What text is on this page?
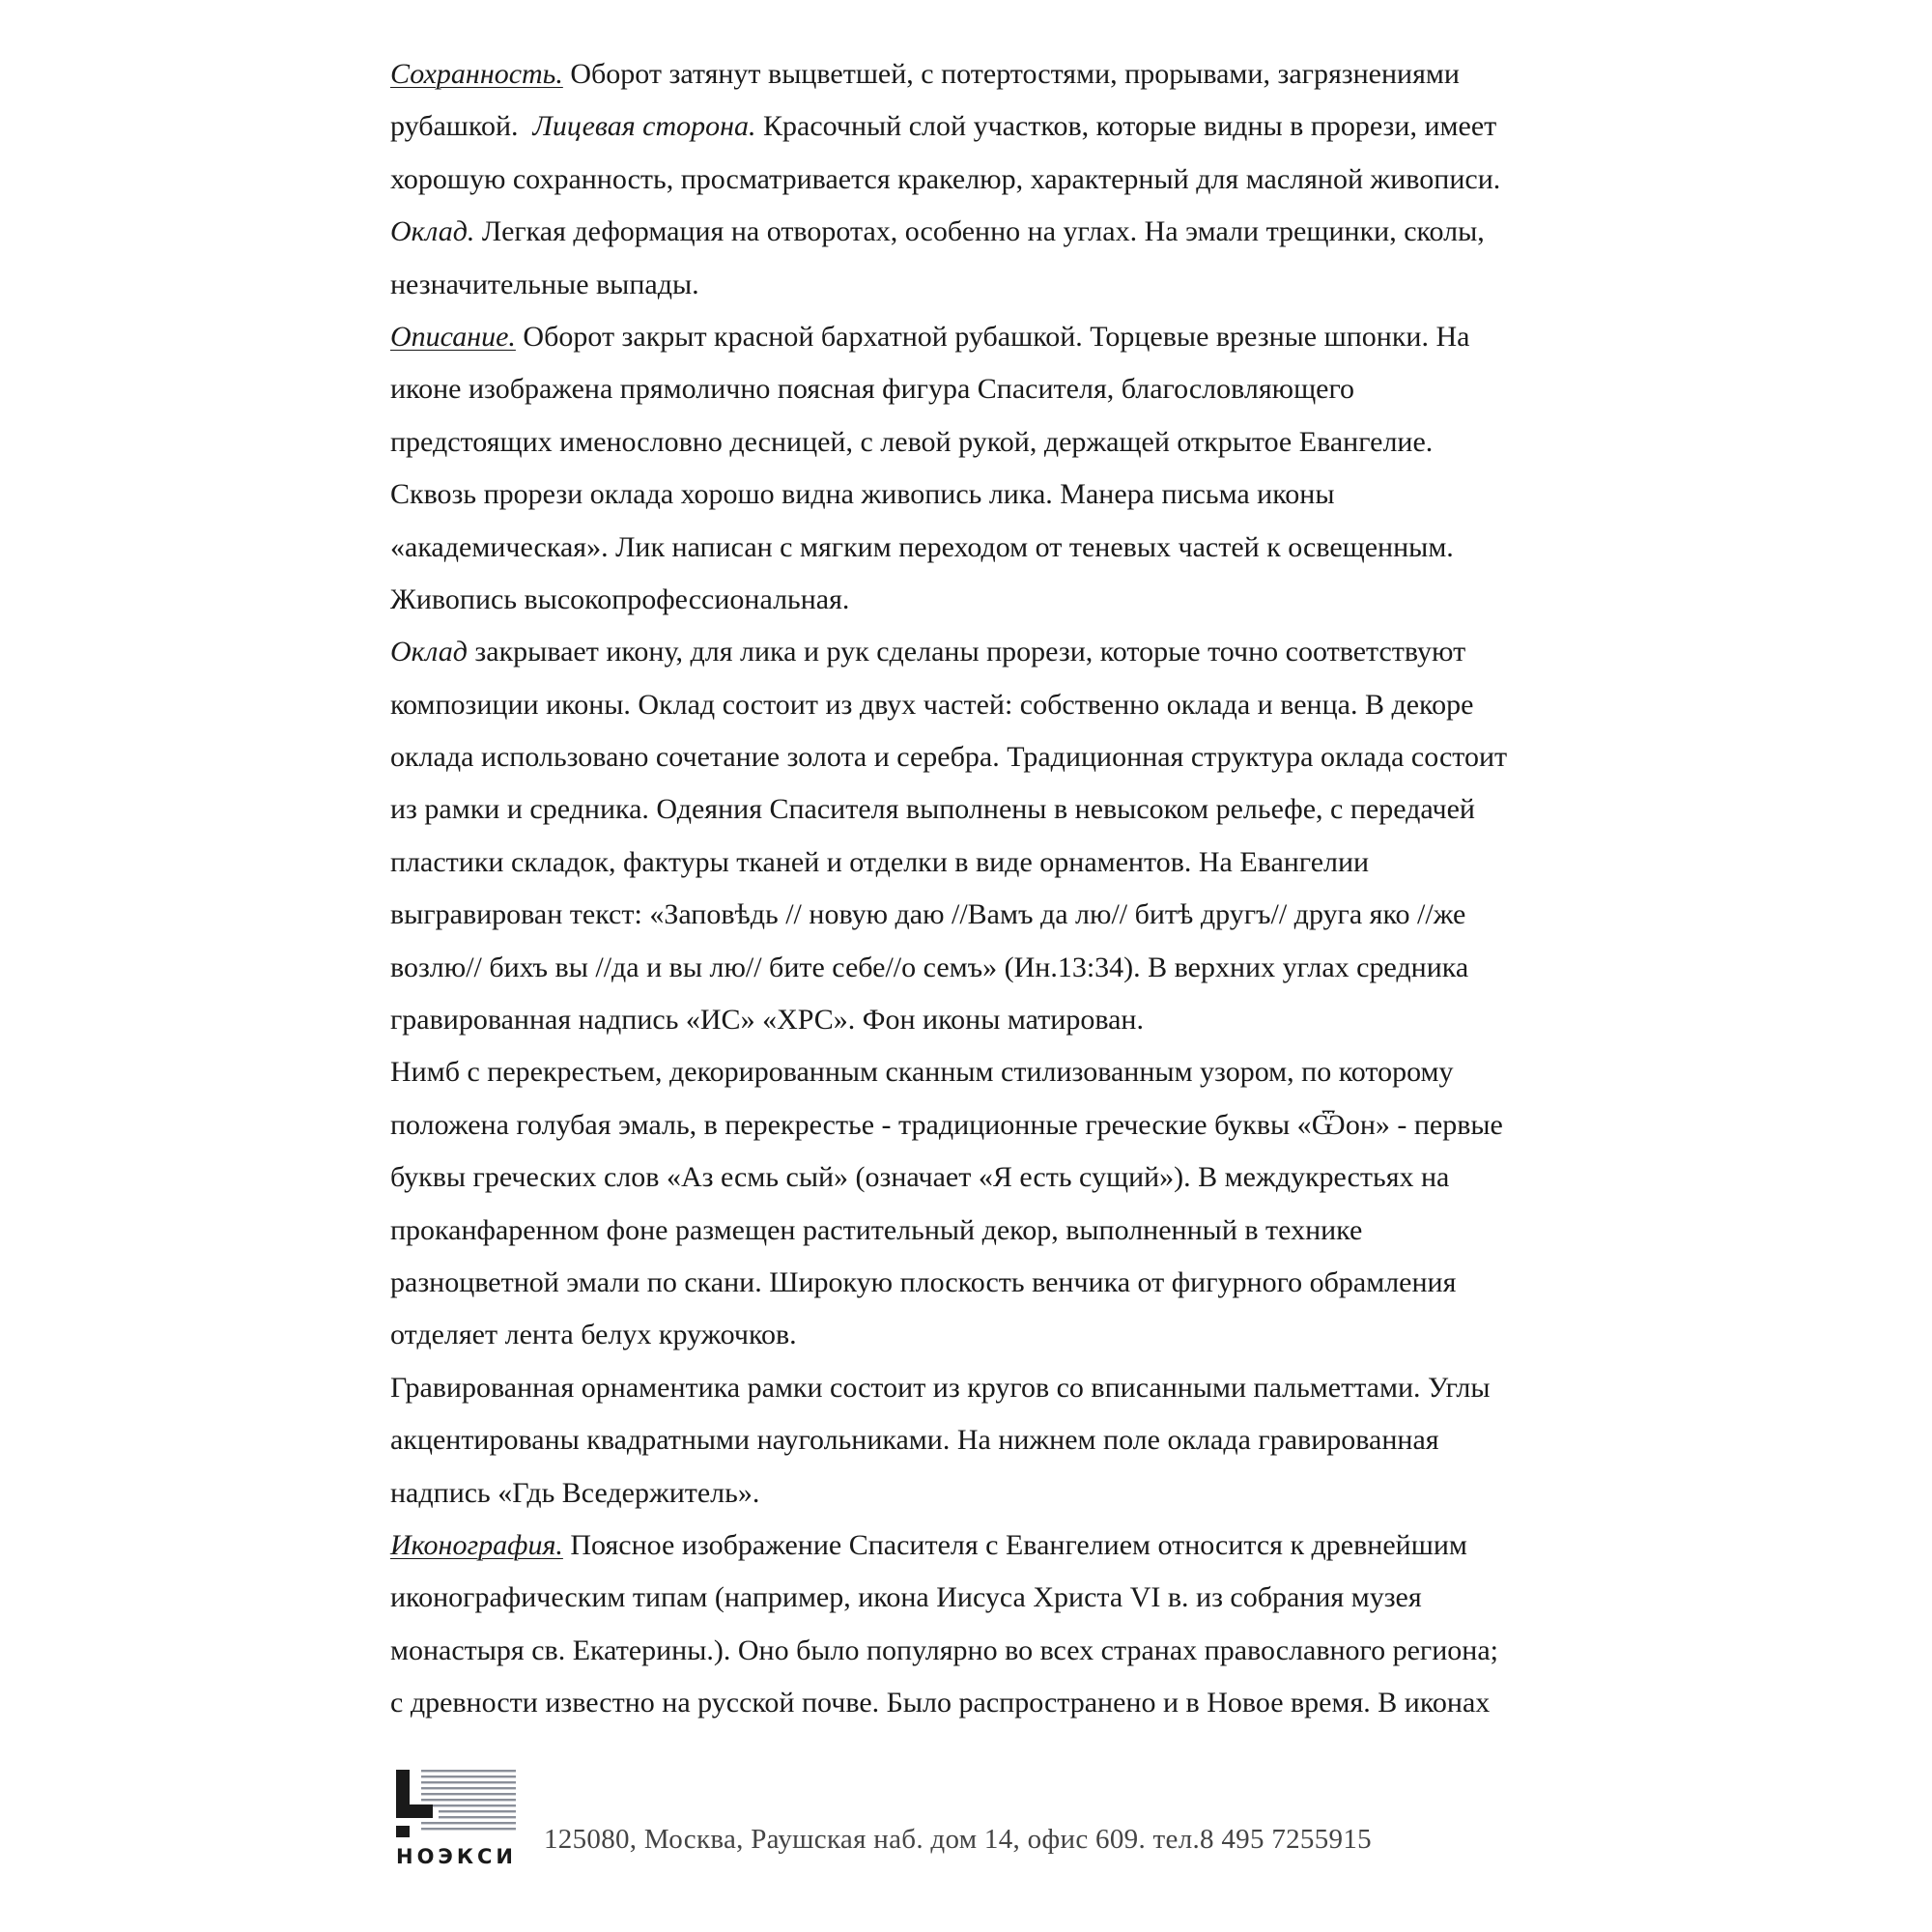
Сохранность. Оборот затянут выцветшей, с потертостями, прорывами, загрязнениями
рубашкой. Лицевая сторона. Красочный слой участков, которые видны в прорези, имеет
хорошую сохранность, просматривается кракелюр, характерный для масляной живописи.
Оклад. Легкая деформация на отворотах, особенно на углах. На эмали трещинки, сколы,
незначительные выпады.
Описание. Оборот закрыт красной бархатной рубашкой. Торцевые врезные шпонки. На
иконе изображена прямолично поясная фигура Спасителя, благословляющего
предстоящих именословно десницей, с левой рукой, держащей открытое Евангелие.
Сквозь прорези оклада хорошо видна живопись лика. Манера письма иконы
«академическая». Лик написан с мягким переходом от теневых частей к освещенным.
Живопись высокопрофессиональная.
Оклад закрывает икону, для лика и рук сделаны прорези, которые точно соответствуют
композиции иконы. Оклад состоит из двух частей: собственно оклада и венца. В декоре
оклада использовано сочетание золота и серебра. Традиционная структура оклада состоит
из рамки и средника. Одеяния Спасителя выполнены в невысоком рельефе, с передачей
пластики складок, фактуры тканей и отделки в виде орнаментов. На Евангелии
выгравирован текст: «Заповѣдь // новую даю //Вамъ да лю// битѣ другъ// друга яко //же
возлю// бихъ вы //да и вы лю// бите себе//о семъ» (Ин.13:34). В верхних углах средника
гравированная надпись «ИС» «ХРС». Фон иконы матирован.
Нимб с перекрестьем, декорированным сканным стилизованным узором, по которому
положена голубая эмаль, в перекрестье - традиционные греческие буквы «Ѿон» - первые
буквы греческих слов «Аз есмь сый» (означает «Я есть сущий»). В междукрестьях на
проканфаренном фоне размещен растительный декор, выполненный в технике
разноцветной эмали по скани. Широкую плоскость венчика от фигурного обрамления
отделяет лента белух кружочков.
Гравированная орнаментика рамки состоит из кругов со вписанными пальметтами. Углы
акцентированы квадратными наугольниками. На нижнем поле оклада гравированная
надпись «Гдь Вседержитель».
Иконография. Поясное изображение Спасителя с Евангелием относится к древнейшим
иконографическим типам (например, икона Иисуса Христа VI в. из собрания музея
монастыря св. Екатерины.). Оно было популярно во всех странах православного региона;
с древности известно на русской почве. Было распространено и в Новое время. В иконах
НОЭКСИ
125080, Москва, Раушская наб. дом 14, офис 609. тел.8 495 7255915
